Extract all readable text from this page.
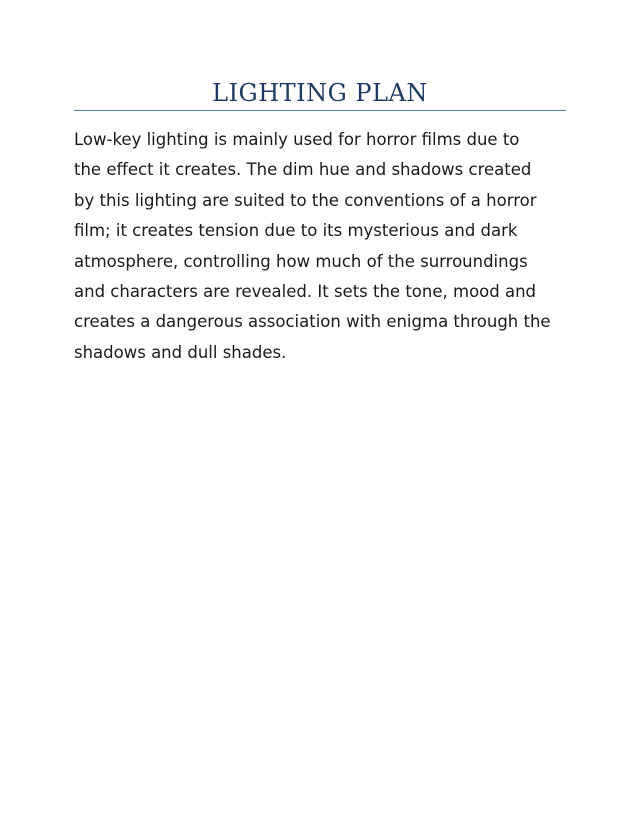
LIGHTING PLAN
Low-key lighting is mainly used for horror films due to
the effect it creates. The dim hue and shadows created
by this lighting are suited to the conventions of a horror
film; it creates tension due to its mysterious and dark
atmosphere, controlling how much of the surroundings
and characters are revealed. It sets the tone, mood and
creates a dangerous association with enigma through the
shadows and dull shades.
